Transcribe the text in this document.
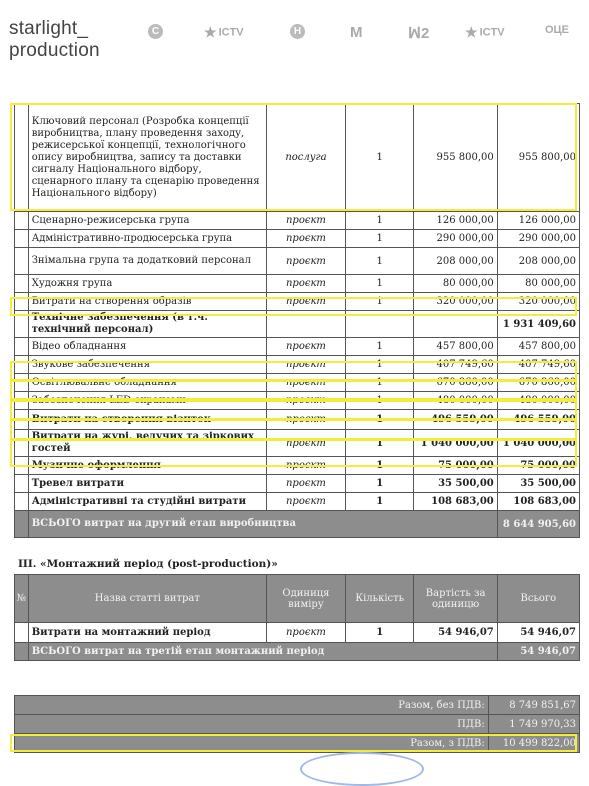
starlight_
production
С	★ ICTV	Н	М	ꟽ2	★ ICTV	ОЦЕ
	Ключовий персонал (Розробка концепції виробництва, плану проведення заходу, режисерської концепції, технологічного опису виробництва, запису та доставки сигналу Національного відбору, сценарного плану та сценарію проведення Національного відбору)	послуга	1	955 800,00	955 800,00
	Сценарно-режисерська група	проєкт	1	126 000,00	126 000,00
	Адміністративно-продюсерська група	проєкт	1	290 000,00	290 000,00
	Знімальна група та додатковий персонал	проєкт	1	208 000,00	208 000,00
	Художня група	проєкт	1	80 000,00	80 000,00
	Витрати на створення образів	проєкт	1	320 000,00	320 000,00
	Технічне забезпечення (в т.ч. технічний персонал)				1 931 409,60
	Відео обладнання	проєкт	1	457 800,00	457 800,00
	Звукове забезпечення	проєкт	1	407 749,60	407 749,60
	Освітлювальне обладнання	проєкт	1	670 860,00	670 860,00
	Забезпечення LED екранами	проєкт	1	480 000,00	480 000,00
	Витрати на створення візиток	проєкт	1	496 559,00	496 559,00
	Витрати на журі, ведучих та зіркових гостей	проєкт	1	1 040 000,00	1 040 000,00
	Музичне оформлення	проєкт	1	75 000,00	75 000,00
	Тревел витрати	проєкт	1	35 500,00	35 500,00
	Адміністративні та студійні витрати	проєкт	1	108 683,00	108 683,00
	ВСЬОГО витрат на другий етап виробництва				8 644 905,60
III. «Монтажний період (post-production)»
№	Назва статті витрат	Одиниця виміру	Кількість	Вартість за одиницю	Всього
	Витрати на монтажний період	проєкт	1	54 946,07	54 946,07
	ВСЬОГО витрат на третій етап монтажний період				54 946,07
Разом, без ПДВ:	8 749 851,67
ПДВ:	1 749 970,33
Разом, з ПДВ:	10 499 822,00
